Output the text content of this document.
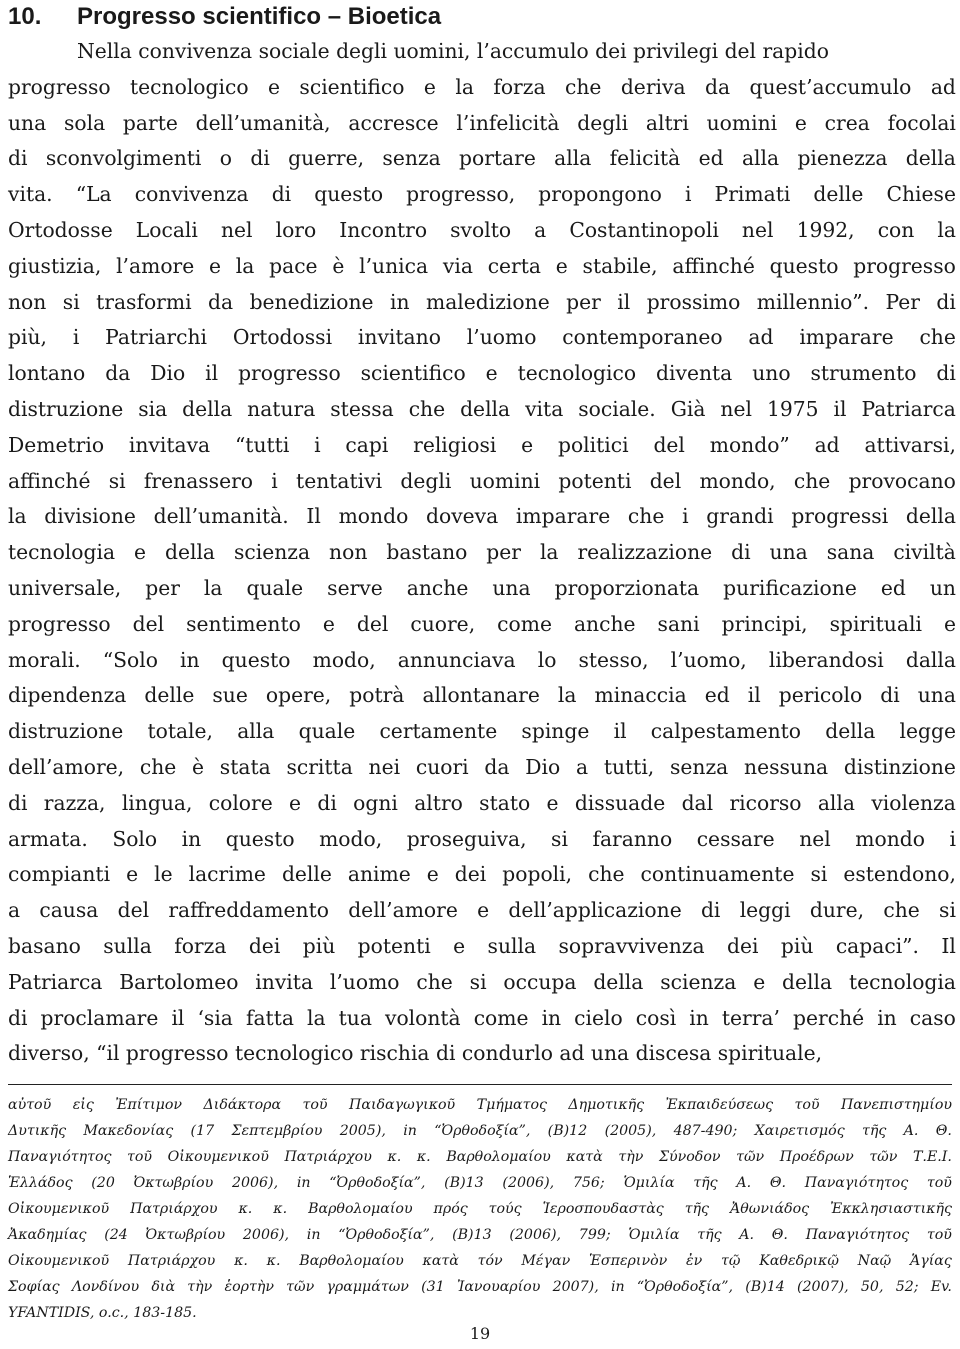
10. Progresso scientifico – Bioetica
Nella convivenza sociale degli uomini, l’accumulo dei privilegi del rapido
progresso tecnologico e scientifico e la forza che deriva da quest’accumulo ad
una sola parte dell’umanità, accresce l’infelicità degli altri uomini e crea focolai
di sconvolgimenti o di guerre, senza portare alla felicità ed alla pienezza della
vita. “La convivenza di questo progresso, propongono i Primati delle Chiese
Ortodosse Locali nel loro Incontro svolto a Costantinopoli nel 1992, con la
giustizia, l’amore e la pace è l’unica via certa e stabile, affinché questo progresso
non si trasformi da benedizione in maledizione per il prossimo millennio”. Per di
più, i Patriarchi Ortodossi invitano l’uomo contemporaneo ad imparare che
lontano da Dio il progresso scientifico e tecnologico diventa uno strumento di
distruzione sia della natura stessa che della vita sociale. Già nel 1975 il Patriarca
Demetrio invitava “tutti i capi religiosi e politici del mondo” ad attivarsi,
affinché si frenassero i tentativi degli uomini potenti del mondo, che provocano
la divisione dell’umanità. Il mondo doveva imparare che i grandi progressi della
tecnologia e della scienza non bastano per la realizzazione di una sana civiltà
universale, per la quale serve anche una proporzionata purificazione ed un
progresso del sentimento e del cuore, come anche sani principi, spirituali e
morali. “Solo in questo modo, annunciava lo stesso, l’uomo, liberandosi dalla
dipendenza delle sue opere, potrà allontanare la minaccia ed il pericolo di una
distruzione totale, alla quale certamente spinge il calpestamento della legge
dell’amore, che è stata scritta nei cuori da Dio a tutti, senza nessuna distinzione
di razza, lingua, colore e di ogni altro stato e dissuade dal ricorso alla violenza
armata. Solo in questo modo, proseguiva, si faranno cessare nel mondo i
compianti e le lacrime delle anime e dei popoli, che continuamente si estendono,
a causa del raffreddamento dell’amore e dell’applicazione di leggi dure, che si
basano sulla forza dei più potenti e sulla sopravvivenza dei più capaci”. Il
Patriarca Bartolomeo invita l’uomo che si occupa della scienza e della tecnologia
di proclamare il ‘sia fatta la tua volontà come in cielo così in terra’ perché in caso
diverso, “il progresso tecnologico rischia di condurlo ad una discesa spirituale,
αὐτοῦ εἰς Ἐπίτιμον Διδάκτορα τοῦ Παιδαγωγικοῦ Τμήματος Δημοτικῆς Ἐκπαιδεύσεως τοῦ Πανεπιστημίου
Δυτικῆς Μακεδονίας (17 Σεπτεμβρίου 2005), in “Ὀρθοδοξία”, (B)12 (2005), 487-490; Χαιρετισμός τῆς Α. Θ.
Παναγιότητος τοῦ Οἰκουμενικοῦ Πατριάρχου κ. κ. Βαρθολομαίου κατὰ τὴν Σύνοδον τῶν Προέδρων τῶν Τ.Ε.Ι.
Ἑλλάδος (20 Ὀκτωβρίου 2006), in “Ὀρθοδοξία”, (B)13 (2006), 756; Ὁμιλία τῆς Α. Θ. Παναγιότητος τοῦ
Οἰκουμενικοῦ Πατριάρχου κ. κ. Βαρθολομαίου πρός τούς Ἱεροσπουδαστὰς τῆς Ἀθωνιάδος Ἐκκλησιαστικῆς
Ἀκαδημίας (24 Ὀκτωβρίου 2006), in “Ὀρθοδοξία”, (B)13 (2006), 799; Ὁμιλία τῆς Α. Θ. Παναγιότητος τοῦ
Οἰκουμενικοῦ Πατριάρχου κ. κ. Βαρθολομαίου κατὰ τόν Μέγαν Ἑσπερινὸν ἐν τῷ Καθεδρικῷ Ναῷ Ἁγίας
Σοφίας Λονδίνου διὰ τὴν ἑορτὴν τῶν γραμμάτων (31 Ἰανουαρίου 2007), in “Ὀρθοδοξία”, (B)14 (2007), 50, 52; Ev.
YFANTIDIS, o.c., 183-185.
19
